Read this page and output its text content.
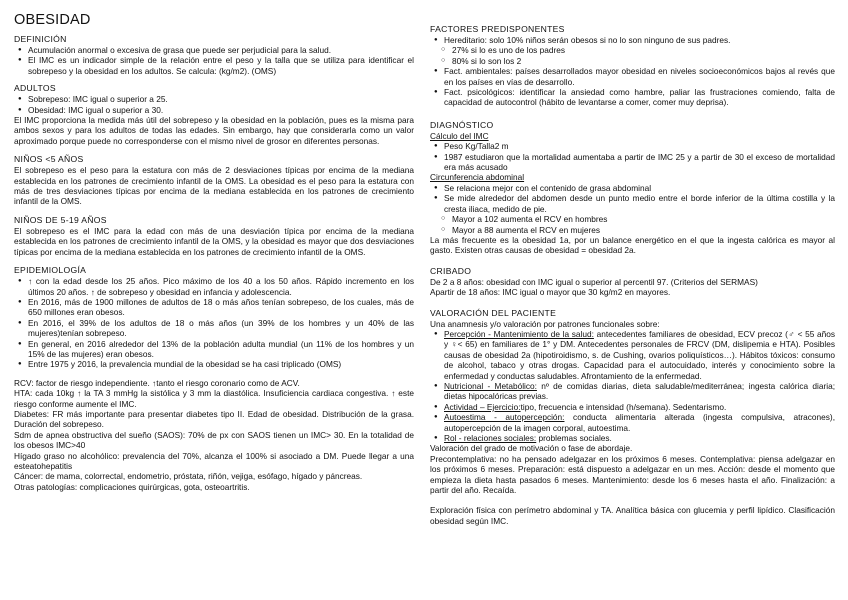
OBESIDAD
DEFINICIÓN
● Acumulación anormal o excesiva de grasa que puede ser perjudicial para la salud.
● El IMC es un indicador simple de la relación entre el peso y la talla que se utiliza para identificar el sobrepeso y la obesidad en los adultos. Se calcula: (kg/m2). (OMS)
ADULTOS
● Sobrepeso: IMC igual o superior a 25.
● Obesidad: IMC igual o superior a 30.

El IMC proporciona la medida más útil del sobrepeso y la obesidad en la población, pues es la misma para ambos sexos y para los adultos de todas las edades. Sin embargo, hay que considerarla como un valor aproximado porque puede no corresponderse con el mismo nivel de grosor en diferentes personas.

NIÑOS <5 AÑOS

El sobrepeso es el peso para la estatura con más de 2 desviaciones típicas por encima de la mediana establecida en los patrones de crecimiento infantil de la OMS. La obesidad es el peso para la estatura con más de tres desviaciones típicas por encima de la mediana establecida en los patrones de crecimiento infantil de la OMS.

NIÑOS DE 5-19 AÑOS

El sobrepeso es el IMC para la edad con más de una desviación típica por encima de la mediana establecida en los patrones de crecimiento infantil de la OMS, y la obesidad es mayor que dos desviaciones típicas por encima de la mediana establecida en los patrones de crecimiento infantil de la OMS.

EPIDEMIOLOGÍA
● ↑ con la edad desde los 25 años. Pico máximo de los 40 a los 50 años. Rápido incremento en los últimos 20 años. ↑ de sobrepeso y obesidad en infancia y adolescencia.
● En 2016, más de 1900 millones de adultos de 18 o más años tenían sobrepeso, de los cuales, más de 650 millones eran obesos.
● En 2016, el 39% de los adultos de 18 o más años (un 39% de los hombres y un 40% de las mujeres)tenían sobrepeso.
● En general, en 2016 alrededor del 13% de la población adulta mundial (un 11% de los hombres y un 15% de las mujeres) eran obesos.
● Entre 1975 y 2016, la prevalencia mundial de la obesidad se ha casi triplicado (OMS)

RCV: factor de riesgo independiente. ↑tanto el riesgo coronario como de ACV.

HTA: cada 10kg ↑ la TA 3 mmHg la sistólica y 3 mm la diastólica. Insuficiencia cardiaca congestiva. ↑ este riesgo conforme aumente el IMC.

Diabetes: FR más importante para presentar diabetes tipo II. Edad de obesidad. Distribución de la grasa. Duración del sobrepeso.

Sdm de apnea obstructiva del sueño (SAOS): 70% de px con SAOS tienen un IMC> 30. En la totalidad de los obesos IMC>40

Hígado graso no alcohólico: prevalencia del 70%, alcanza el 100% si asociado a DM. Puede llegar a una esteatohepatitis

Cáncer: de mama, colorrectal, endometrio, próstata, riñón, vejiga, esófago, hígado y páncreas.

Otras patologías: complicaciones quirúrgicas, gota, osteoartritis.

FACTORES PREDISPONENTES
● Hereditario: solo 10% niños serán obesos si no lo son ninguno de sus padres.
○ 27% si lo es uno de los padres
○ 80% si lo son los 2
● Fact. ambientales: países desarrollados mayor obesidad en niveles socioeconómicos bajos al revés que en los países en vías de desarrollo.
● Fact. psicológicos: identificar la ansiedad como hambre, paliar las frustraciones comiendo, falta de capacidad de autocontrol (hábito de levantarse a comer, comer muy deprisa).
DIAGNÓSTICO

Cálculo del IMC

● Peso Kg/Talla2 m
● 1987 estudiaron que la mortalidad aumentaba a partir de IMC 25 y a partir de 30 el exceso de mortalidad era más acusado

Circunferencia abdominal

● Se relaciona mejor con el contenido de grasa abdominal
● Se mide alrededor del abdomen desde un punto medio entre el borde inferior de la última costilla y la cresta iliaca, medido de pie.
○ Mayor a 102 aumenta el RCV en hombres
○ Mayor a 88 aumenta el RCV en mujeres

La más frecuente es la obesidad 1a, por un balance energético en el que la ingesta calórica es mayor al gasto. Existen otras causas de obesidad = obesidad 2a.

CRIBADO

De 2 a 8 años: obesidad con IMC igual o superior al percentil 97. (Criterios del SERMAS)

Apartir de 18 años: IMC igual o mayor que 30 kg/m2 en mayores.

VALORACIÓN DEL PACIENTE

Una anamnesis y/o valoración por patrones funcionales sobre:

● Percepción - Mantenimiento de la salud: antecedentes familiares de obesidad, ECV precoz (♂ < 55 años y ♀< 65) en familiares de 1° y DM. Antecedentes personales de FRCV (DM, dislipemia e HTA). Posibles causas de obesidad 2a (hipotiroidismo, s. de Cushing, ovarios poliquísticos…). Hábitos tóxicos: consumo de alcohol, tabaco y otras drogas. Capacidad para el autocuidado, interés y conocimiento sobre la enfermedad y conductas saludables. Afrontamiento de la enfermedad.
● Nutricional - Metabólico: nº de comidas diarias, dieta saludable/mediterránea; ingesta calórica diaria; dietas hipocalóricas previas.
● Actividad – Ejercicio:tipo, frecuencia e intensidad (h/semana). Sedentarismo.
● Autoestima - autopercepción: conducta alimentaria alterada (ingesta compulsiva, atracones), autopercepción de la imagen corporal, autoestima.
● Rol - relaciones sociales: problemas sociales.

Valoración del grado de motivación o fase de abordaje.

Precontemplativa: no ha pensado adelgazar en los próximos 6 meses. Contemplativa: piensa adelgazar en los próximos 6 meses. Preparación: está dispuesto a adelgazar en un mes. Acción: desde el momento que empieza la dieta hasta pasados 6 meses. Mantenimiento: desde los 6 meses hasta el año. Finalización: a partir del año. Recaída.

Exploración física con perímetro abdominal y TA. Analítica básica con glucemia y perfil lipídico. Clasificación obesidad según IMC.
